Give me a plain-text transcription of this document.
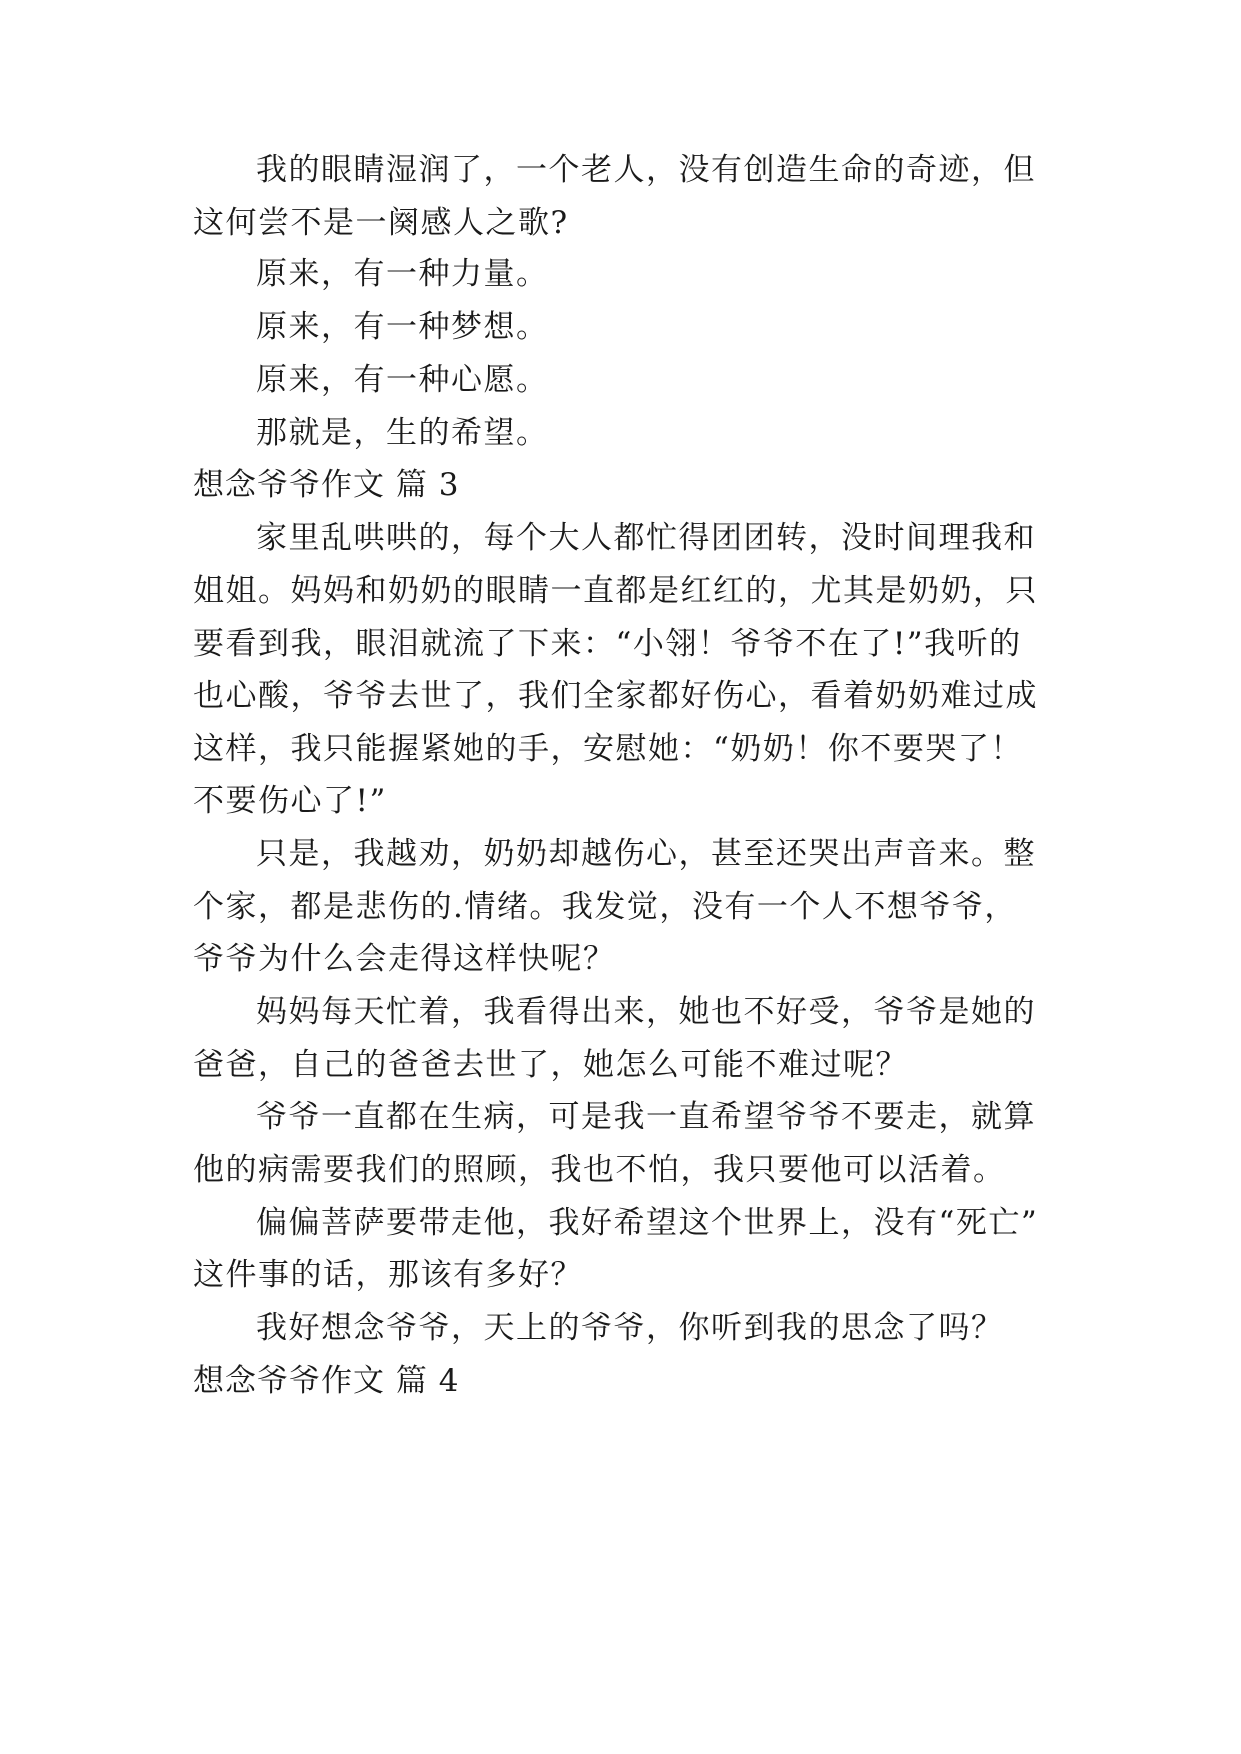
我的眼睛湿润了，一个老人，没有创造生命的奇迹，但
这何尝不是一阕感人之歌?
原来，有一种力量。
原来，有一种梦想。
原来，有一种心愿。
那就是，生的希望。
想念爷爷作文 篇 3
家里乱哄哄的，每个大人都忙得团团转，没时间理我和
姐姐。妈妈和奶奶的眼睛一直都是红红的，尤其是奶奶，只
要看到我，眼泪就流了下来：“小翎！爷爷不在了!”我听的
也心酸，爷爷去世了，我们全家都好伤心，看着奶奶难过成
这样，我只能握紧她的手，安慰她：“奶奶！你不要哭了！
不要伤心了!”
只是，我越劝，奶奶却越伤心，甚至还哭出声音来。整
个家，都是悲伤的.情绪。我发觉，没有一个人不想爷爷，
爷爷为什么会走得这样快呢？
妈妈每天忙着，我看得出来，她也不好受，爷爷是她的
爸爸，自己的爸爸去世了，她怎么可能不难过呢？
爷爷一直都在生病，可是我一直希望爷爷不要走，就算
他的病需要我们的照顾，我也不怕，我只要他可以活着。
偏偏菩萨要带走他，我好希望这个世界上，没有“死亡”
这件事的话，那该有多好？
我好想念爷爷，天上的爷爷，你听到我的思念了吗？
想念爷爷作文 篇 4
